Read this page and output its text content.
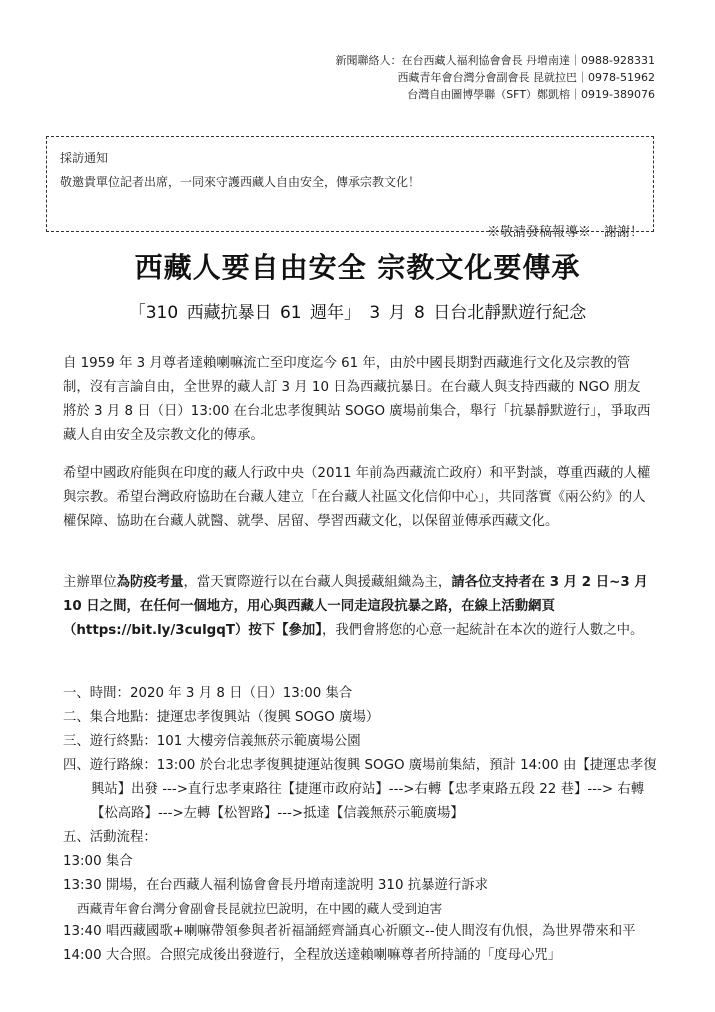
新聞聯絡人：在台西藏人福利協會會長 丹增南達｜0988-928331
西藏青年會台灣分會副會長 昆就拉巴｜0978-51962
台灣自由圖博學聯（SFT）鄭凱榕｜0919-389076
採訪通知
敬邀貴單位記者出席，一同來守護西藏人自由安全，傳承宗教文化！
※敬請發稿報導※　謝謝！
西藏人要自由安全 宗教文化要傳承
「310 西藏抗暴日 61 週年」 3 月 8 日台北靜默遊行紀念

自 1959 年 3 月尊者達賴喇嘛流亡至印度迄今 61 年，由於中國長期對西藏進行文化及宗教的管制，沒有言論自由，全世界的藏人訂 3 月 10 日為西藏抗暴日。在台藏人與支持西藏的 NGO 朋友將於 3 月 8 日（日）13:00 在台北忠孝復興站 SOGO 廣場前集合，舉行「抗暴靜默遊行」，爭取西藏人自由安全及宗教文化的傳承。

希望中國政府能與在印度的藏人行政中央（2011 年前為西藏流亡政府）和平對談，尊重西藏的人權與宗教。希望台灣政府協助在台藏人建立「在台藏人社區文化信仰中心」，共同落實《兩公約》的人權保障、協助在台藏人就醫、就學、居留、學習西藏文化，以保留並傳承西藏文化。

主辦單位為防疫考量，當天實際遊行以在台藏人與援藏組織為主，請各位支持者在 3 月 2 日~3 月 10 日之間，在任何一個地方，用心與西藏人一同走這段抗暴之路，在線上活動網頁（https://bit.ly/3culgqT）按下【參加】，我們會將您的心意一起統計在本次的遊行人數之中。

一、時間：2020 年 3 月 8 日（日）13:00 集合
二、集合地點：捷運忠孝復興站（復興 SOGO 廣場）
三、遊行終點：101 大樓旁信義無菸示範廣場公園
四、遊行路線：13:00 於台北忠孝復興捷運站復興 SOGO 廣場前集結，預計 14:00 由【捷運忠孝復興站】出發 --->直行忠孝東路往【捷運市政府站】--->右轉【忠孝東路五段 22 巷】---> 右轉【松高路】--->左轉【松智路】--->抵達【信義無菸示範廣場】
五、活動流程：
13:00 集合
13:30 開場，在台西藏人福利協會會長丹增南達說明 310 抗暴遊行訴求
西藏青年會台灣分會副會長昆就拉巴說明，在中國的藏人受到迫害
13:40 唱西藏國歌+喇嘛帶領參與者祈福誦經齊誦真心祈願文--使人間沒有仇恨，為世界帶來和平
14:00 大合照。合照完成後出發遊行，全程放送達賴喇嘛尊者所持誦的「度母心咒」
